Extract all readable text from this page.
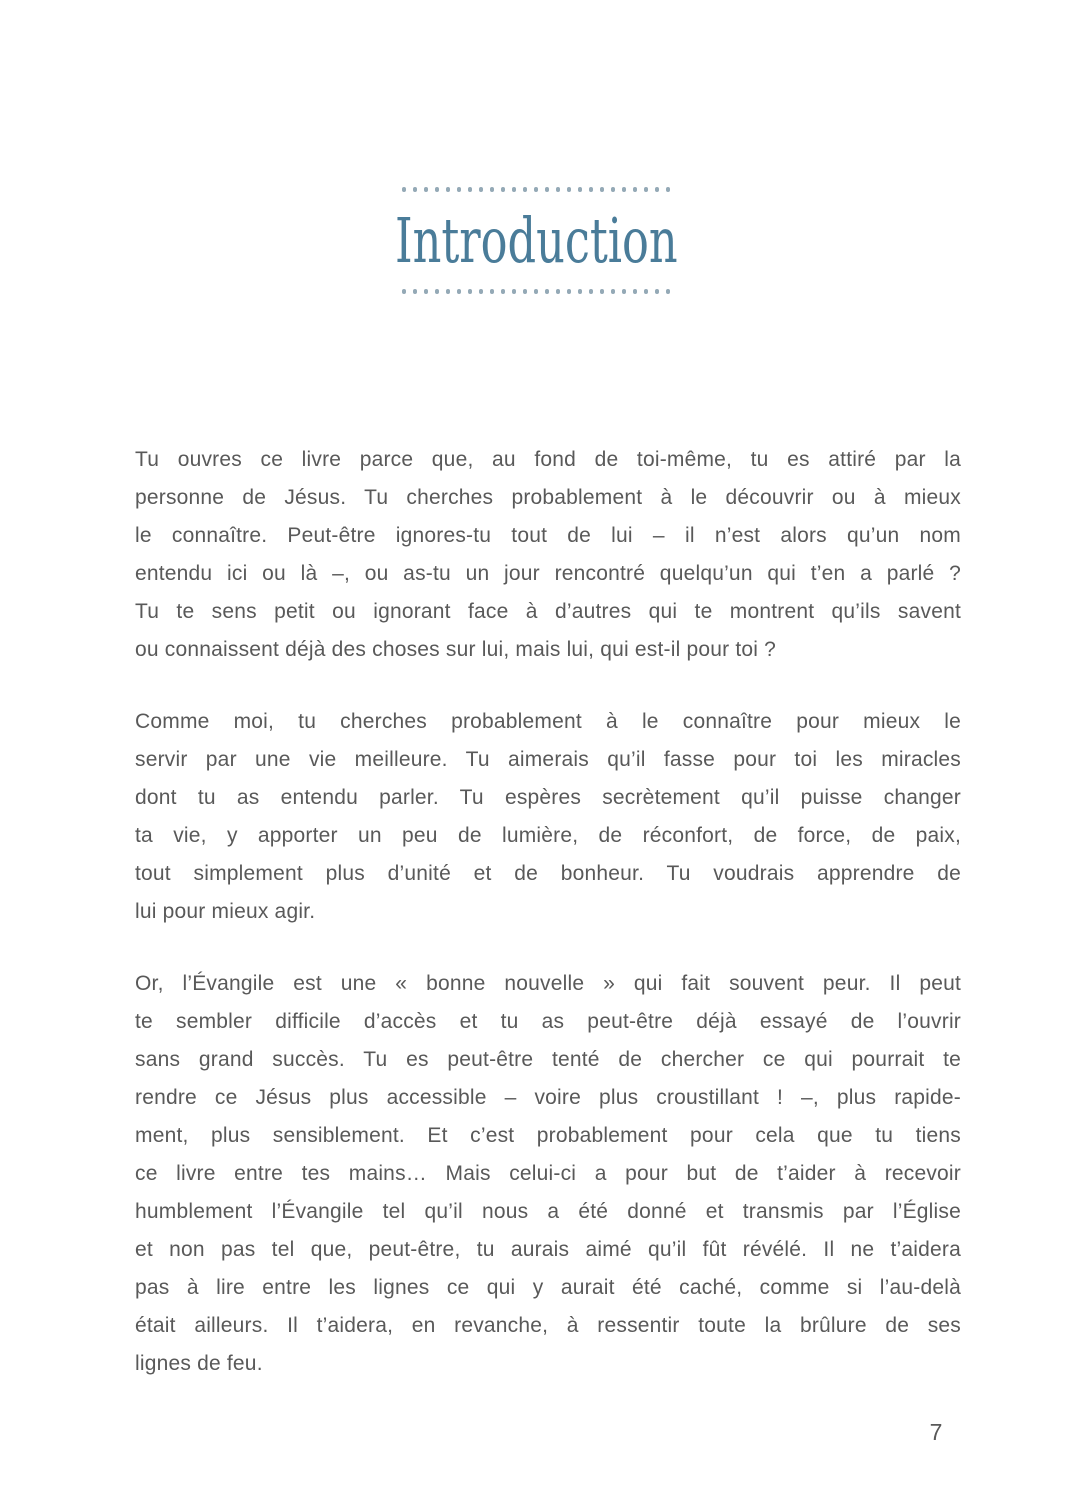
Introduction
Tu ouvres ce livre parce que, au fond de toi-même, tu es attiré par la
personne de Jésus. Tu cherches probablement à le découvrir ou à mieux
le connaître. Peut-être ignores-tu tout de lui – il n’est alors qu’un nom
entendu ici ou là –, ou as-tu un jour rencontré quelqu’un qui t’en a parlé ?
Tu te sens petit ou ignorant face à d’autres qui te montrent qu’ils savent
ou connaissent déjà des choses sur lui, mais lui, qui est-il pour toi ?
Comme moi, tu cherches probablement à le connaître pour mieux le
servir par une vie meilleure. Tu aimerais qu’il fasse pour toi les miracles
dont tu as entendu parler. Tu espères secrètement qu’il puisse changer
ta vie, y apporter un peu de lumière, de réconfort, de force, de paix,
tout simplement plus d’unité et de bonheur. Tu voudrais apprendre de
lui pour mieux agir.
Or, l’Évangile est une « bonne nouvelle » qui fait souvent peur. Il peut
te sembler difficile d’accès et tu as peut-être déjà essayé de l’ouvrir
sans grand succès. Tu es peut-être tenté de chercher ce qui pourrait te
rendre ce Jésus plus accessible – voire plus croustillant ! –, plus rapide-
ment, plus sensiblement. Et c’est probablement pour cela que tu tiens
ce livre entre tes mains… Mais celui-ci a pour but de t’aider à recevoir
humblement l’Évangile tel qu’il nous a été donné et transmis par l’Église
et non pas tel que, peut-être, tu aurais aimé qu’il fût révélé. Il ne t’aidera
pas à lire entre les lignes ce qui y aurait été caché, comme si l’au-delà
était ailleurs. Il t’aidera, en revanche, à ressentir toute la brûlure de ses
lignes de feu.
7
